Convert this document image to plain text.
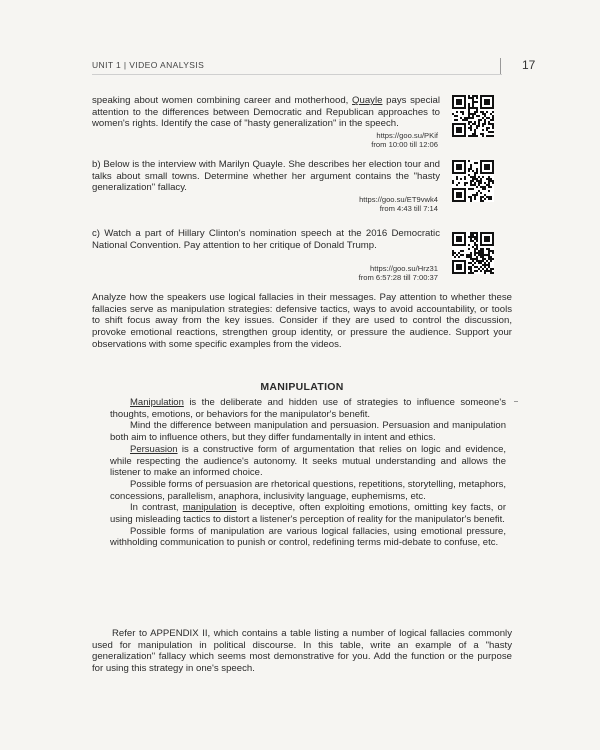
UNIT 1 | VIDEO ANALYSIS	17

speaking about women combining career and motherhood, Quayle pays special attention to the differences between Democratic and Republican approaches to women's rights. Identify the case of "hasty generalization" in the speech.

https://goo.su/PKif
from 10:00 till 12:06

b) Below is the interview with Marilyn Quayle. She describes her election tour and talks about small towns. Determine whether her argument contains the "hasty generalization" fallacy.

https://goo.su/ET9vwk4
from 4:43 till 7:14

c) Watch a part of Hillary Clinton's nomination speech at the 2016 Democratic National Convention. Pay attention to her critique of Donald Trump.

https://goo.su/Hrz31
from 6:57:28 till 7:00:37

Analyze how the speakers use logical fallacies in their messages. Pay attention to whether these fallacies serve as manipulation strategies: defensive tactics, ways to avoid accountability, or tools to shift focus away from the key issues. Consider if they are used to control the discussion, provoke emotional reactions, strengthen group identity, or pressure the audience. Support your observations with some specific examples from the videos.

MANIPULATION

Manipulation is the deliberate and hidden use of strategies to influence someone's thoughts, emotions, or behaviors for the manipulator's benefit.

Mind the difference between manipulation and persuasion. Persuasion and manipulation both aim to influence others, but they differ fundamentally in intent and ethics.

Persuasion is a constructive form of argumentation that relies on logic and evidence, while respecting the audience's autonomy. It seeks mutual understanding and allows the listener to make an informed choice.

Possible forms of persuasion are rhetorical questions, repetitions, storytelling, metaphors, concessions, parallelism, anaphora, inclusivity language, euphemisms, etc.

In contrast, manipulation is deceptive, often exploiting emotions, omitting key facts, or using misleading tactics to distort a listener's perception of reality for the manipulator's benefit.

Possible forms of manipulation are various logical fallacies, using emotional pressure, withholding communication to punish or control, redefining terms mid-debate to confuse, etc.

Refer to APPENDIX II, which contains a table listing a number of logical fallacies commonly used for manipulation in political discourse. In this table, write an example of a "hasty generalization" fallacy which seems most demonstrative for you. Add the function or the purpose for using this strategy in one's speech.
